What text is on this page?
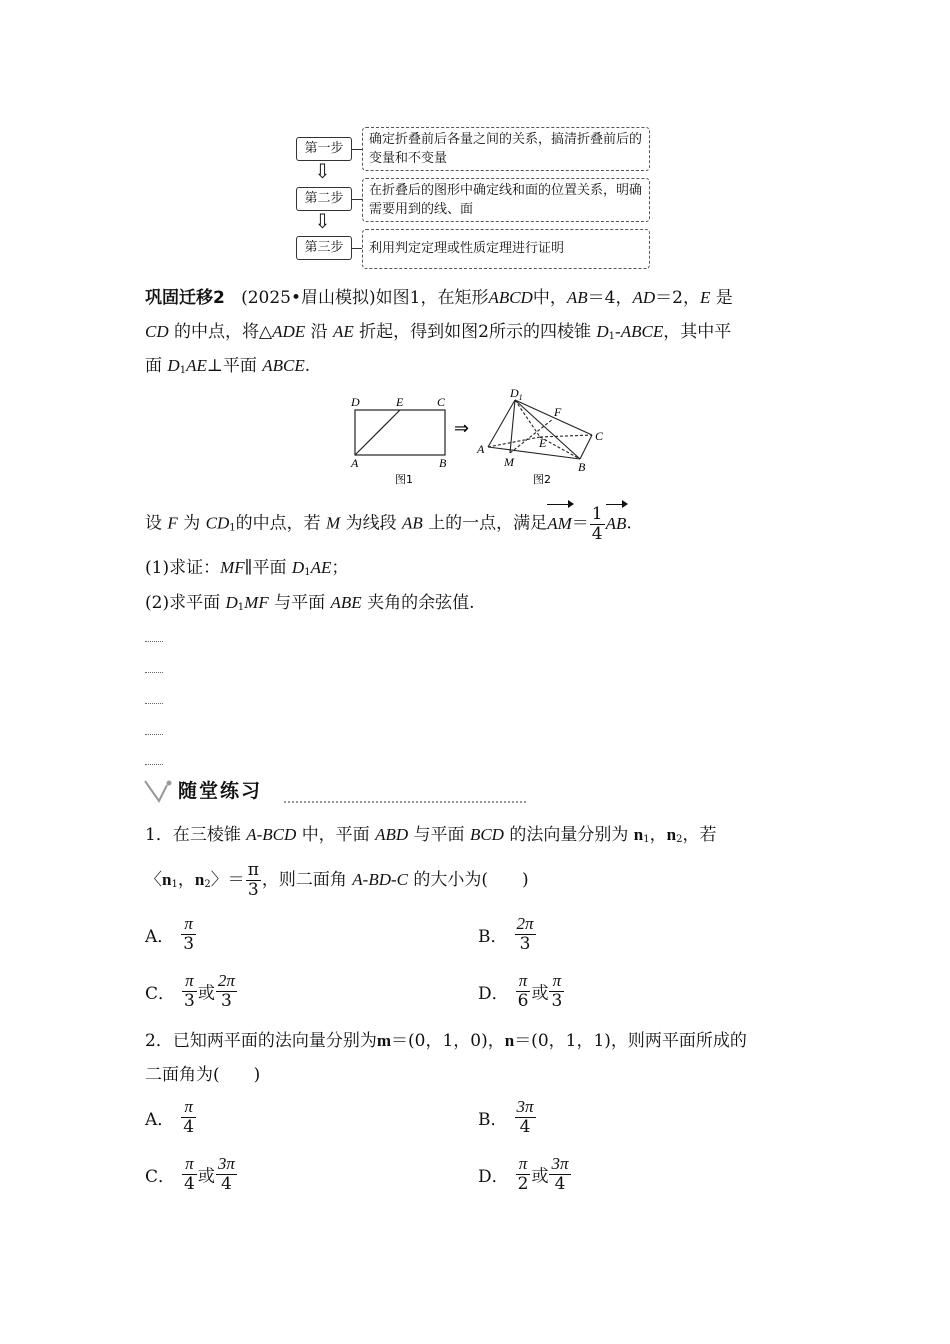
第一步
确定折叠前后各量之间的关系，搞清折叠前后的变量和不变量
⇩
第二步
在折叠后的图形中确定线和面的位置关系，明确需要用到的线、面
⇩
第三步	利用判定定理或性质定理进行证明
巩固迁移2 (2025•眉山模拟)如图1，在矩形ABCD中，AB＝4，AD＝2，E 是
CD 的中点，将△ADE 沿 AE 折起，得到如图2所示的四棱锥 $D_1$-ABCE，其中平
面 $D_1AE\perp$平面 ABCE.
D	E	C
A	B
图1
⇒
$D_1$
F
E	C
A
M	B
图2
设 F 为 $CD_1$的中点，若 M 为线段 AB 上的一点，满足$AM= \frac{1}{4}$ AB.
(1)求证：MF∥平面 $D_1AE$；
(2)求平面 $D_1MF$ 与平面 ABE 夹角的余弦值.
随堂练习
1．在三棱锥 A-BCD 中，平面 ABD 与平面 BCD 的法向量分别为 $n_1$，$n_2$，若
〈$n_1$，$n_2$〉＝ $\frac{\pi}{3}$ ，则二面角 A-BD-C 的大小为(　　)
A． $\frac{\pi}{3}$	B． $\frac{2\pi}{3}$
C． $\frac{\pi}{3}$ 或 $\frac{2\pi}{3}$	D． $\frac{\pi}{6}$ 或 $\frac{\pi}{3}$
2．已知两平面的法向量分别为m＝(0，1，0)，n＝(0，1，1)，则两平面所成的
二面角为(　　)
A． $\frac{\pi}{4}$	B． $\frac{3\pi}{4}$
C． $\frac{\pi}{4}$ 或 $\frac{3\pi}{4}$	D． $\frac{\pi}{2}$ 或 $\frac{3\pi}{4}$
